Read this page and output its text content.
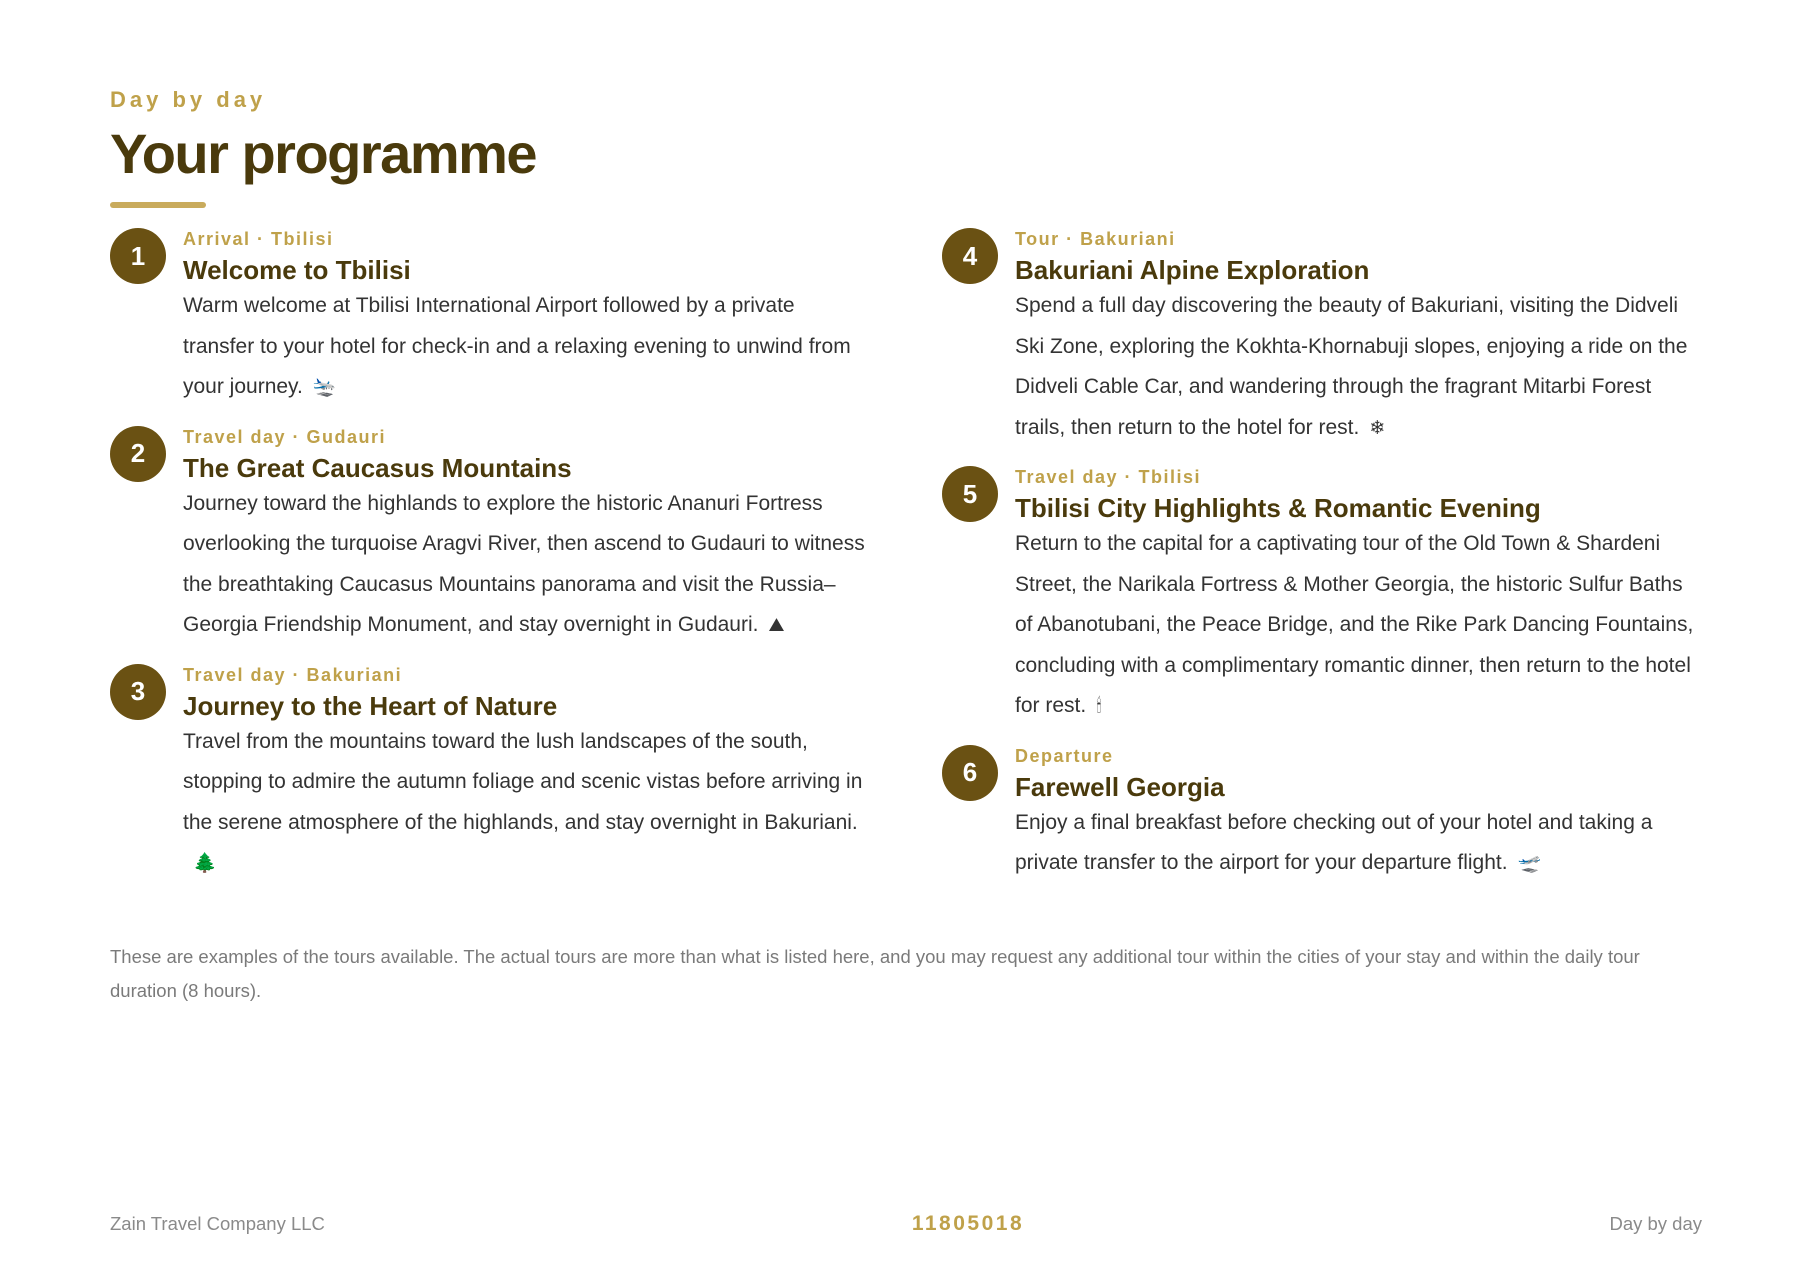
Day by day

Your programme
1

Arrival · Tbilisi

Welcome to Tbilisi

Warm welcome at Tbilisi International Airport followed by a private transfer to your hotel for check-in and a relaxing evening to unwind from your journey. 🛬

2

Travel day · Gudauri

The Great Caucasus Mountains

Journey toward the highlands to explore the historic Ananuri Fortress overlooking the turquoise Aragvi River, then ascend to Gudauri to witness the breathtaking Caucasus Mountains panorama and visit the Russia–Georgia Friendship Monument, and stay overnight in Gudauri. ⛰

3

Travel day · Bakuriani

Journey to the Heart of Nature

Travel from the mountains toward the lush landscapes of the south, stopping to admire the autumn foliage and scenic vistas before arriving in the serene atmosphere of the highlands, and stay overnight in Bakuriani.🌲

4

Tour · Bakuriani

Bakuriani Alpine Exploration

Spend a full day discovering the beauty of Bakuriani, visiting the Didveli Ski Zone, exploring the Kokhta-Khornabuji slopes, enjoying a ride on the Didveli Cable Car, and wandering through the fragrant Mitarbi Forest trails, then return to the hotel for rest. ❄

5

Travel day · Tbilisi

Tbilisi City Highlights & Romantic Evening

Return to the capital for a captivating tour of the Old Town & Shardeni Street, the Narikala Fortress & Mother Georgia, the historic Sulfur Baths of Abanotubani, the Peace Bridge, and the Rike Park Dancing Fountains, concluding with a complimentary romantic dinner, then return to the hotel for rest. 🕯

6

Departure

Farewell Georgia

Enjoy a final breakfast before checking out of your hotel and taking a private transfer to the airport for your departure flight. 🛫

These are examples of the tours available. The actual tours are more than what is listed here, and you may request any additional tour within the cities of your stay and within the daily tour duration (8 hours).

Zain Travel Company LLC	11805018	Day by day
